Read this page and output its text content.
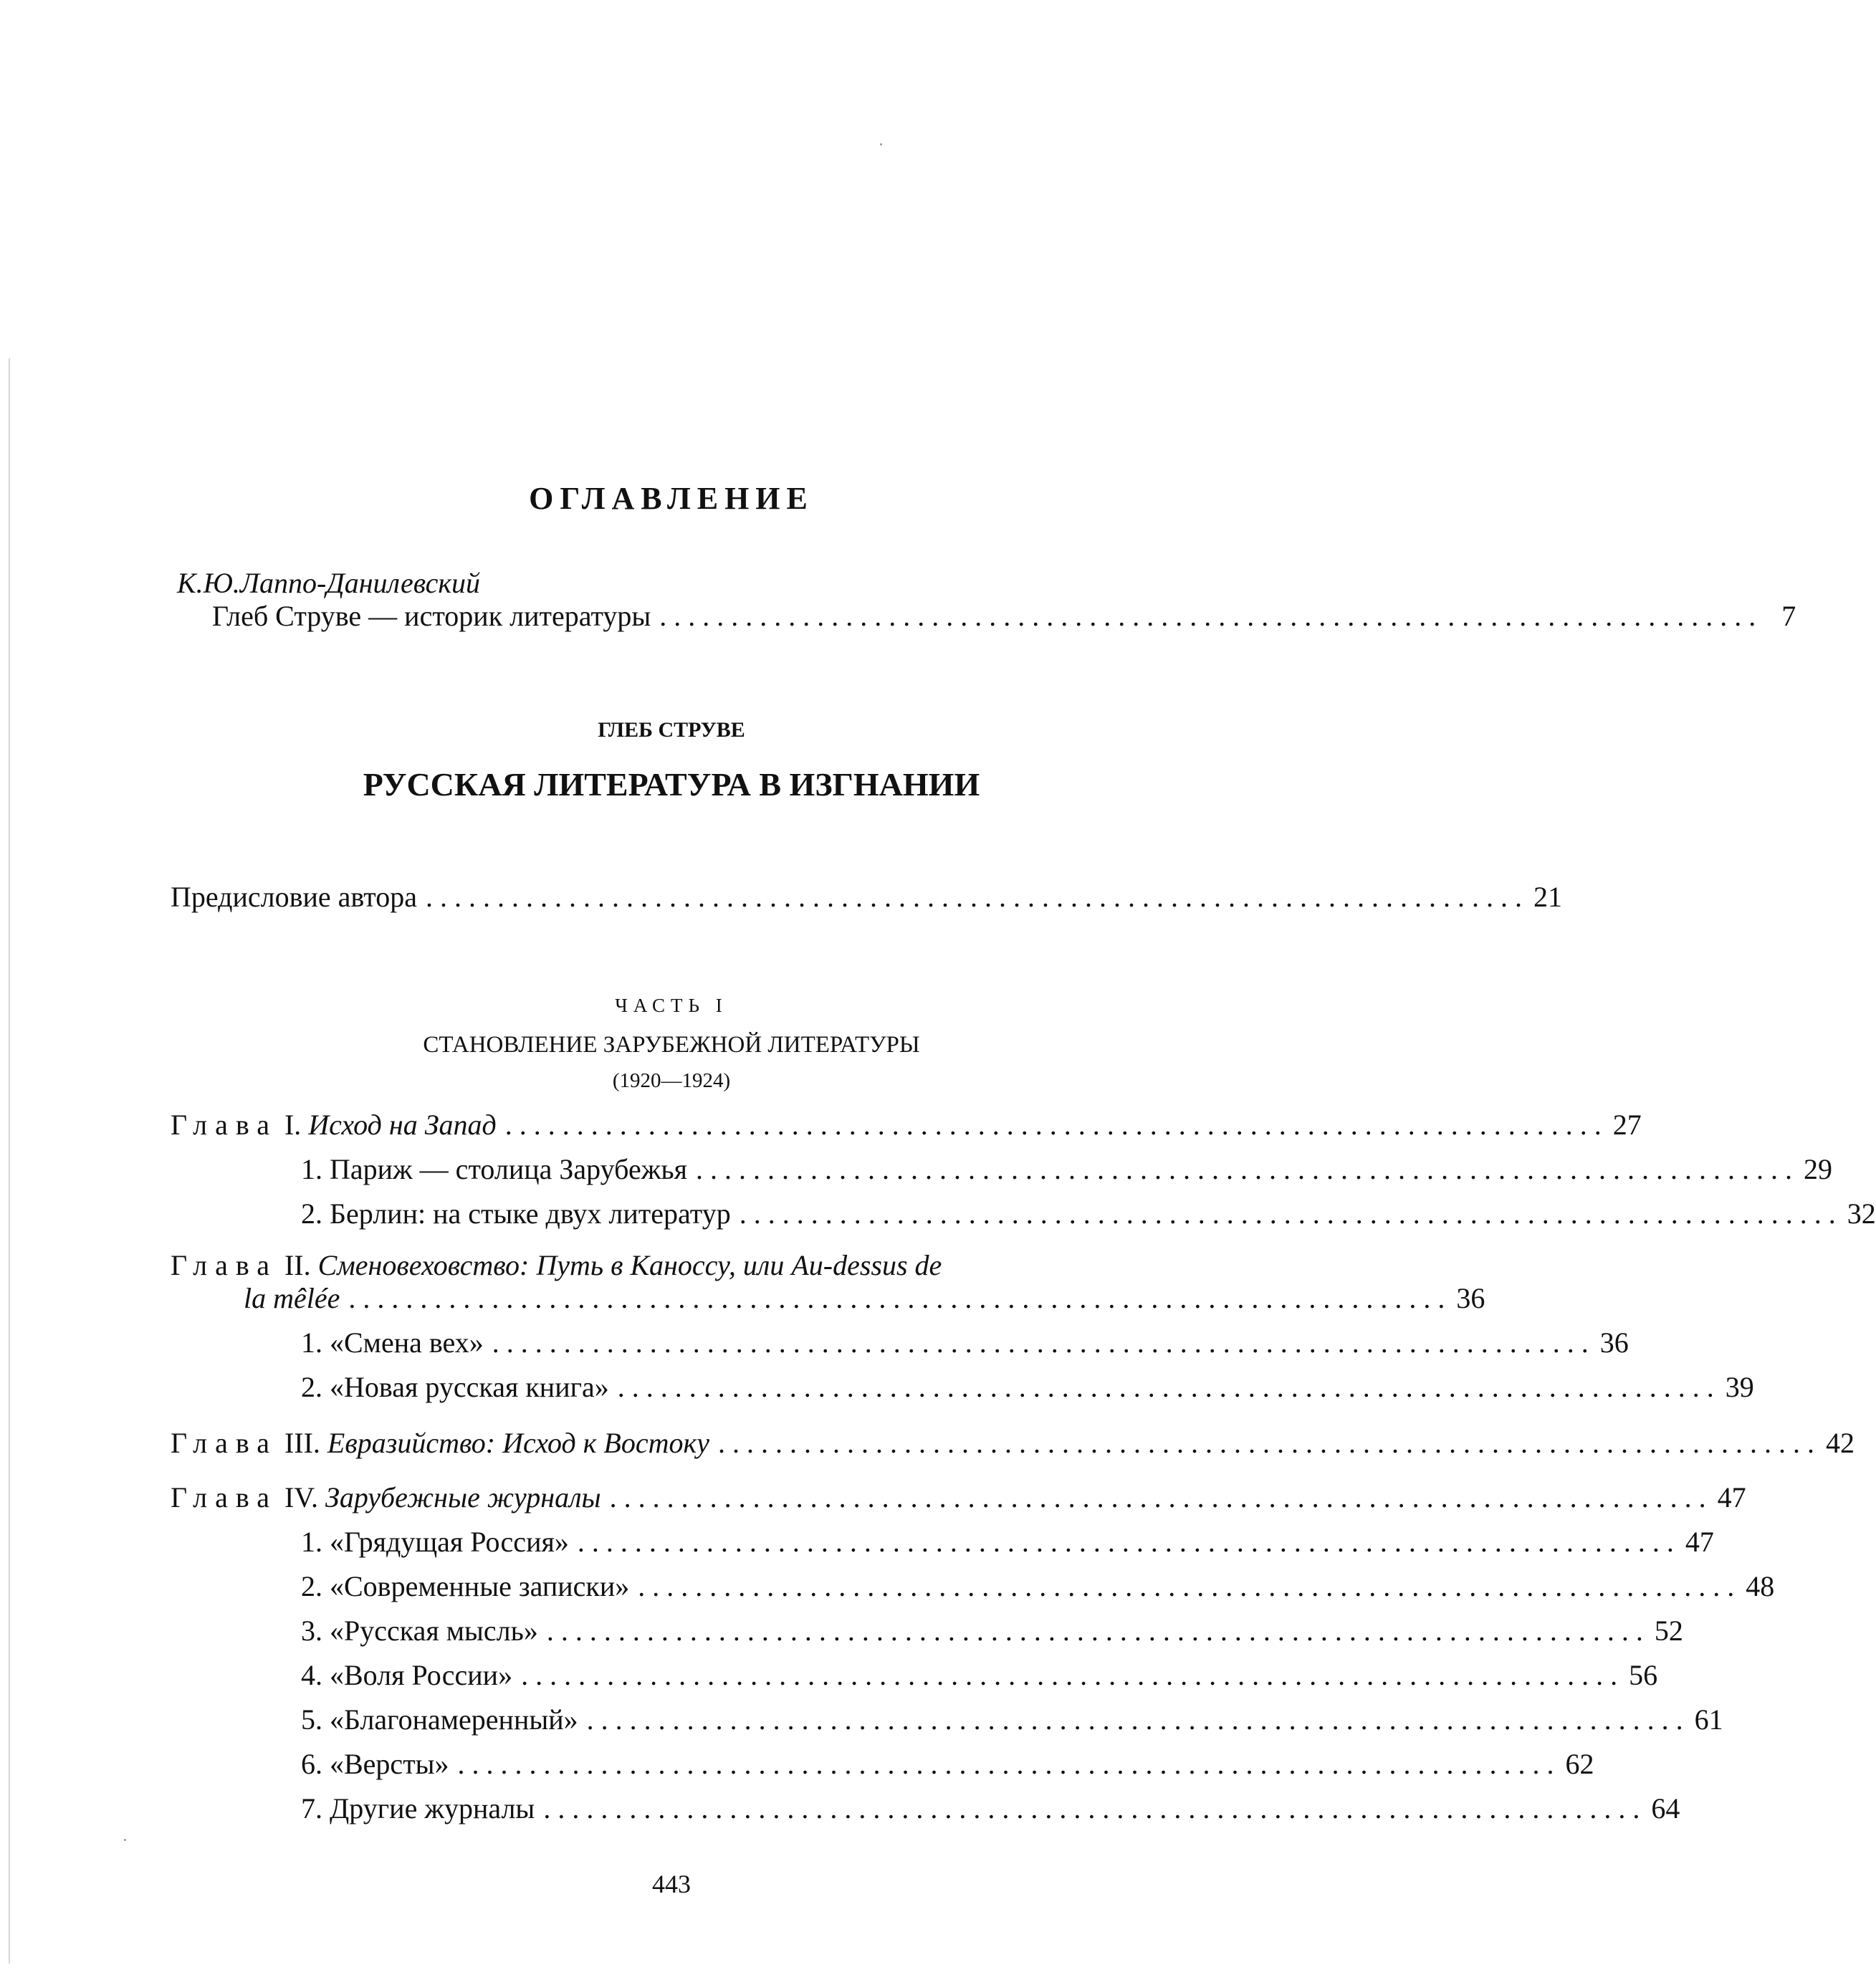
ОГЛАВЛЕНИЕ
К.Ю.Лаппо-Данилевский
Глеб Струве — историк литературы ............................................................................. 7
ГЛЕБ СТРУВЕ
РУССКАЯ ЛИТЕРАТУРА В ИЗГНАНИИ
Предисловие автора ............................................................................. 21
ЧАСТЬ I
СТАНОВЛЕНИЕ ЗАРУБЕЖНОЙ ЛИТЕРАТУРЫ
(1920—1924)
Глава I. Исход на Запад ............................................................................. 27
1. Париж — столица Зарубежья ............................................................................. 29
2. Берлин: на стыке двух литератур ............................................................................. 32
Глава II. Сменовеховство: Путь в Каноссу, или Au-dessus de
la mêlée ............................................................................. 36
1. «Смена вех» ............................................................................. 36
2. «Новая русская книга» ............................................................................. 39
Глава III. Евразийство: Исход к Востоку ............................................................................. 42
Глава IV. Зарубежные журналы ............................................................................. 47
1. «Грядущая Россия» ............................................................................. 47
2. «Современные записки» ............................................................................. 48
3. «Русская мысль» ............................................................................. 52
4. «Воля России» ............................................................................. 56
5. «Благонамеренный» ............................................................................. 61
6. «Версты» ............................................................................. 62
7. Другие журналы ............................................................................. 64
443
